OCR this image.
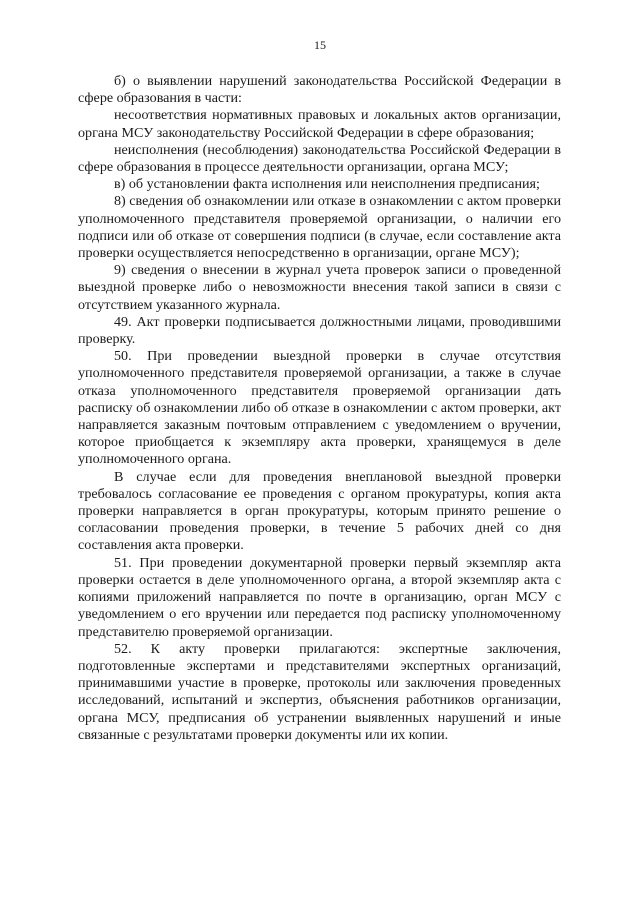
15

б) о выявлении нарушений законодательства Российской Федерации в сфере образования в части:

несоответствия нормативных правовых и локальных актов организации, органа МСУ законодательству Российской Федерации в сфере образования;

неисполнения (несоблюдения) законодательства Российской Федерации в сфере образования в процессе деятельности организации, органа МСУ;

в) об установлении факта исполнения или неисполнения предписания;

8) сведения об ознакомлении или отказе в ознакомлении с актом проверки уполномоченного представителя проверяемой организации, о наличии его подписи или об отказе от совершения подписи (в случае, если составление акта проверки осуществляется непосредственно в организации, органе МСУ);

9) сведения о внесении в журнал учета проверок записи о проведенной выездной проверке либо о невозможности внесения такой записи в связи с отсутствием указанного журнала.

49. Акт проверки подписывается должностными лицами, проводившими проверку.

50. При проведении выездной проверки в случае отсутствия уполномоченного представителя проверяемой организации, а также в случае отказа уполномоченного представителя проверяемой организации дать расписку об ознакомлении либо об отказе в ознакомлении с актом проверки, акт направляется заказным почтовым отправлением с уведомлением о вручении, которое приобщается к экземпляру акта проверки, хранящемуся в деле уполномоченного органа.

В случае если для проведения внеплановой выездной проверки требовалось согласование ее проведения с органом прокуратуры, копия акта проверки направляется в орган прокуратуры, которым принято решение о согласовании проведения проверки, в течение 5 рабочих дней со дня составления акта проверки.

51. При проведении документарной проверки первый экземпляр акта проверки остается в деле уполномоченного органа, а второй экземпляр акта с копиями приложений направляется по почте в организацию, орган МСУ с уведомлением о его вручении или передается под расписку уполномоченному представителю проверяемой организации.

52. К акту проверки прилагаются: экспертные заключения, подготовленные экспертами и представителями экспертных организаций, принимавшими участие в проверке, протоколы или заключения проведенных исследований, испытаний и экспертиз, объяснения работников организации, органа МСУ, предписания об устранении выявленных нарушений и иные связанные с результатами проверки документы или их копии.
